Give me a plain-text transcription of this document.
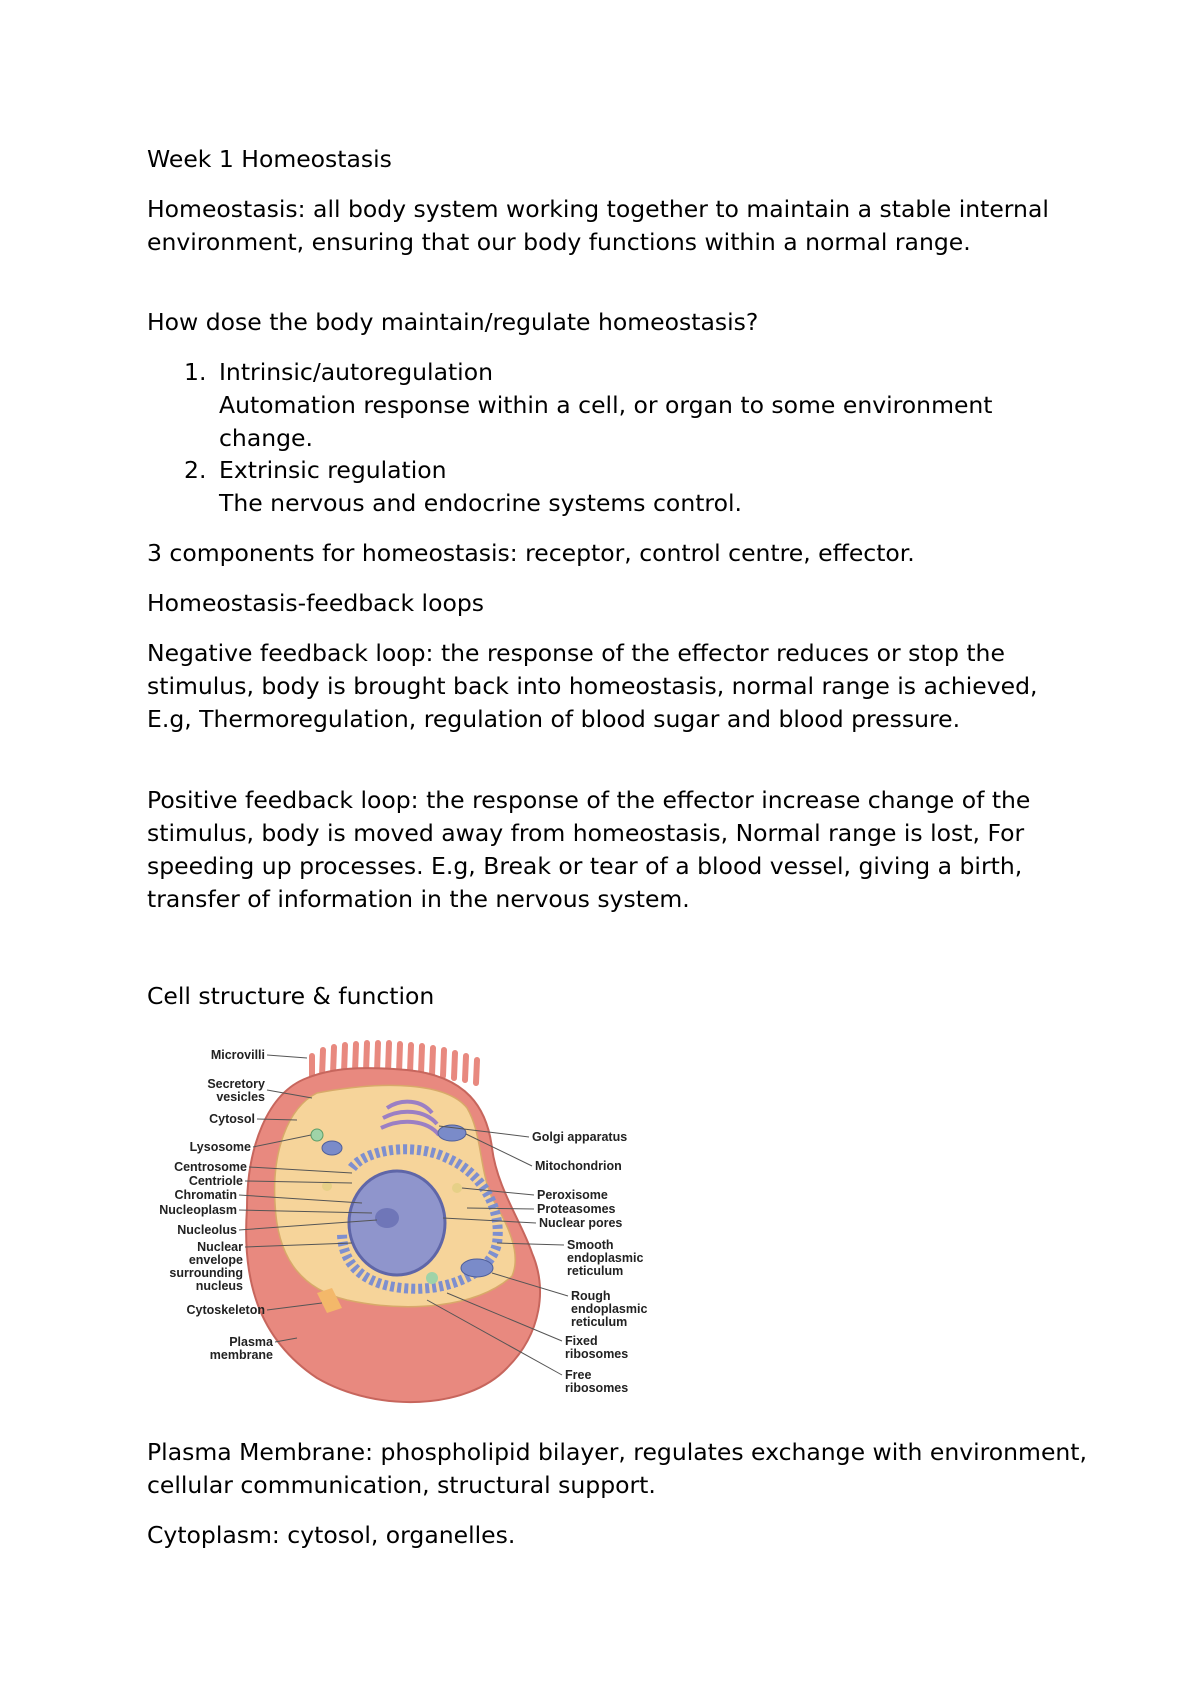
Week 1 Homeostasis

Homeostasis: all body system working together to maintain a stable internal environment, ensuring that our body functions within a normal range.

How dose the body maintain/regulate homeostasis?

1. Intrinsic/autoregulation

Automation response within a cell, or organ to some environment change.

2. Extrinsic regulation

The nervous and endocrine systems control.

3 components for homeostasis: receptor, control centre, effector.

Homeostasis-feedback loops

Negative feedback loop: the response of the effector reduces or stop the stimulus, body is brought back into homeostasis, normal range is achieved, E.g, Thermoregulation, regulation of blood sugar and blood pressure.

Positive feedback loop: the response of the effector increase change of the stimulus, body is moved away from homeostasis, Normal range is lost, For speeding up processes. E.g, Break or tear of a blood vessel, giving a birth, transfer of information in the nervous system.

Cell structure & function

Microvilli
Secretory
vesicles
Cytosol
Lysosome
Centrosome
Centriole
Chromatin
Nucleoplasm
Nucleolus
Nuclear
envelope
surrounding
nucleus
Cytoskeleton
Plasma
membrane
Golgi apparatus
Mitochondrion
Peroxisome
Proteasomes
Nuclear pores
Smooth
endoplasmic
reticulum
Rough
endoplasmic
reticulum
Fixed
ribosomes
Free
ribosomes

Plasma Membrane: phospholipid bilayer, regulates exchange with environment, cellular communication, structural support.

Cytoplasm: cytosol, organelles.
